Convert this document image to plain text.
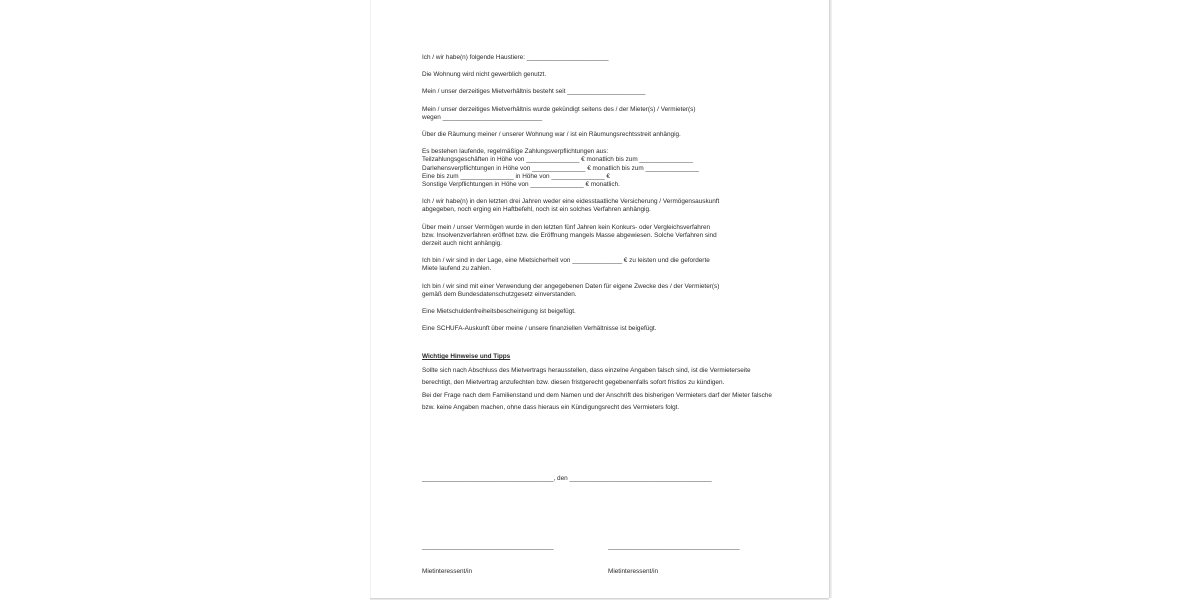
Ich / wir habe(n) folgende Haustiere: _______________________
Die Wohnung wird nicht gewerblich genutzt.
Mein / unser derzeitiges Mietverhältnis besteht seit ______________________
Mein / unser derzeitiges Mietverhältnis wurde gekündigt seitens des / der Mieter(s) / Vermieter(s)
wegen ____________________________
Über die Räumung meiner / unserer Wohnung war / ist ein Räumungsrechtsstreit anhängig.
Es bestehen laufende, regelmäßige Zahlungsverpflichtungen aus:
Teilzahlungsgeschäften in Höhe von _______________ € monatlich bis zum _______________
Darlehensverpflichtungen in Höhe von _______________ € monatlich bis zum _______________
Eine bis zum _______________ in Höhe von _______________ €
Sonstige Verpflichtungen in Höhe von _______________ € monatlich.
Ich / wir habe(n) in den letzten drei Jahren weder eine eidesstaatliche Versicherung / Vermögensauskunft
abgegeben, noch erging ein Haftbefehl, noch ist ein solches Verfahren anhängig.
Über mein / unser Vermögen wurde in den letzten fünf Jahren kein Konkurs- oder Vergleichsverfahren
bzw. Insolvenzverfahren eröffnet bzw. die Eröffnung mangels Masse abgewiesen. Solche Verfahren sind
derzeit auch nicht anhängig.
Ich bin / wir sind in der Lage, eine Mietsicherheit von ______________ € zu leisten und die geforderte
Miete laufend zu zahlen.
Ich bin / wir sind mit einer Verwendung der angegebenen Daten für eigene Zwecke des / der Vermieter(s)
gemäß dem Bundesdatenschutzgesetz einverstanden.
Eine Mietschuldenfreiheitsbescheinigung ist beigefügt.
Eine SCHUFA-Auskunft über meine / unsere finanziellen Verhältnisse ist beigefügt.
Wichtige Hinweise und Tipps
Sollte sich nach Abschluss des Mietvertrags herausstellen, dass einzelne Angaben falsch sind, ist die Vermieterseite berechtigt, den Mietvertrag anzufechten bzw. diesen fristgerecht gegebenenfalls sofort fristlos zu kündigen.
Bei der Frage nach dem Familienstand und dem Namen und der Anschrift des bisherigen Vermieters darf der Mieter falsche bzw. keine Angaben machen, ohne dass hieraus ein Kündigungsrecht des Vermieters folgt.
_____________________________________, den ________________________________________

_____________________________________

Mietinteressent/in

_____________________________________

Mietinteressent/in
